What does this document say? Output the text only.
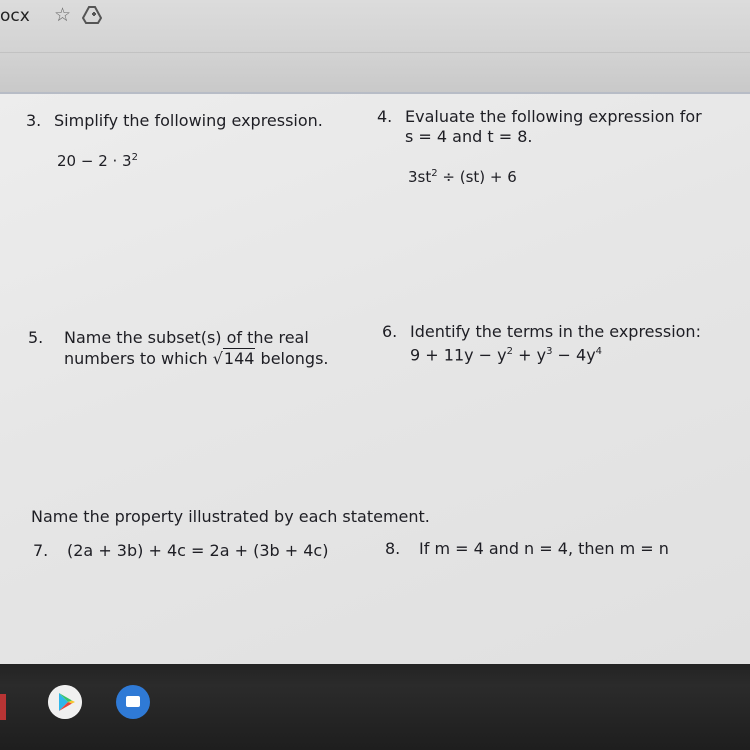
ocx ☆
3. Simplify the following expression.
$20 - 2 \cdot 3^2$
4. Evaluate the following expression for
s = 4 and t = 8.
$3st^2 \div (st) + 6$
5. Name the subset(s) of the real
numbers to which √144 belongs.
6. Identify the terms in the expression:
$9 + 11y - y^2 + y^3 - 4y^4$
Name the property illustrated by each statement.
7. (2a + 3b) + 4c = 2a + (3b + 4c)	8. If m = 4 and n = 4, then m = n
